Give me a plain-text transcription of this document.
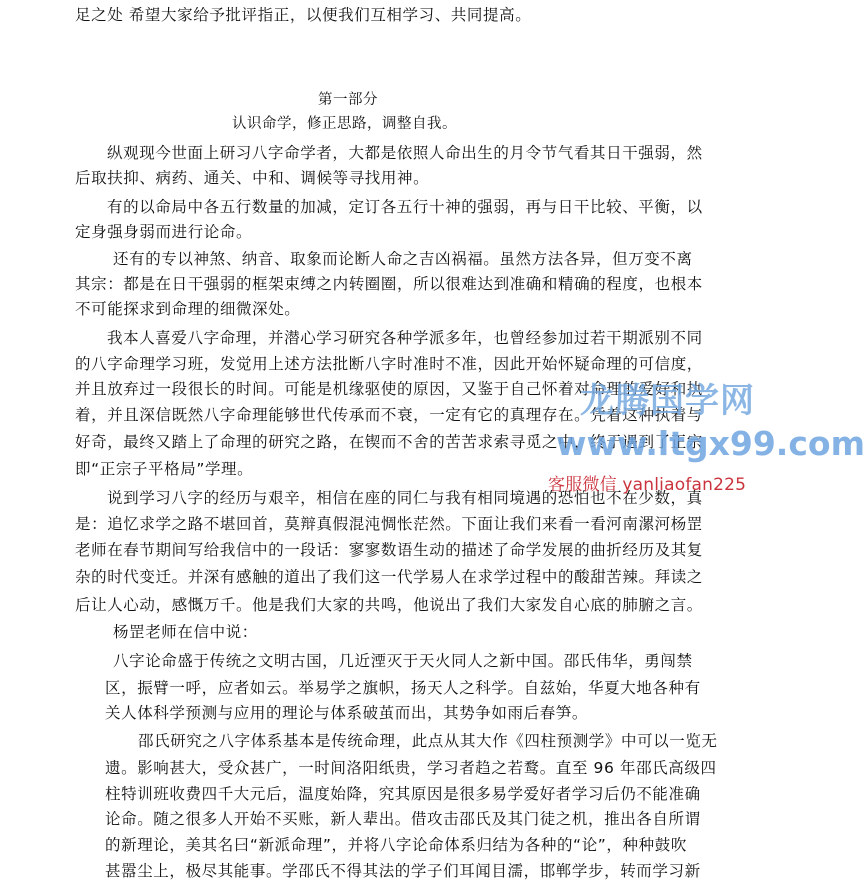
足之处 希望大家给予批评指正，以便我们互相学习、共同提高。
第一部分
认识命学，修正思路，调整自我。
纵观现今世面上研习八字命学者，大都是依照人命出生的月令节气看其日干强弱，然
后取扶抑、病药、通关、中和、调候等寻找用神。
有的以命局中各五行数量的加减，定订各五行十神的强弱，再与日干比较、平衡，以
定身强身弱而进行论命。
还有的专以神煞、纳音、取象而论断人命之吉凶祸福。虽然方法各异，但万变不离
其宗：都是在日干强弱的框架束缚之内转圈圈，所以很难达到准确和精确的程度，也根本
不可能探求到命理的细微深处。
我本人喜爱八字命理，并潜心学习研究各种学派多年，也曾经参加过若干期派别不同
的八字命理学习班，发觉用上述方法批断八字时准时不准，因此开始怀疑命理的可信度，
并且放弃过一段很长的时间。可能是机缘驱使的原因，又鉴于自己怀着对命理的爱好和执
着，并且深信既然八字命理能够世代传承而不衰，一定有它的真理存在。凭着这种执着与
好奇，最终又踏上了命理的研究之路，在锲而不舍的苦苦求索寻觅之中，终于遇到了正宗
即“正宗子平格局”学理。
说到学习八字的经历与艰辛，相信在座的同仁与我有相同境遇的恐怕也不在少数，真
是：追忆求学之路不堪回首，莫辩真假混沌惆怅茫然。下面让我们来看一看河南漯河杨罡
老师在春节期间写给我信中的一段话：寥寥数语生动的描述了命学发展的曲折经历及其复
杂的时代变迁。并深有感触的道出了我们这一代学易人在求学过程中的酸甜苦辣。拜读之
后让人心动，感慨万千。他是我们大家的共鸣，他说出了我们大家发自心底的肺腑之言。
杨罡老师在信中说：
八字论命盛于传统之文明古国，几近湮灭于天火同人之新中国。邵氏伟华，勇闯禁
区，振臂一呼，应者如云。举易学之旗帜，扬天人之科学。自兹始，华夏大地各种有
关人体科学预测与应用的理论与体系破茧而出，其势争如雨后春笋。
邵氏研究之八字体系基本是传统命理，此点从其大作《四柱预测学》中可以一览无
遗。影响甚大，受众甚广，一时间洛阳纸贵，学习者趋之若鹜。直至 96 年邵氏高级四
柱特训班收费四千大元后，温度始降，究其原因是很多易学爱好者学习后仍不能准确
论命。随之很多人开始不买账，新人辈出。借攻击邵氏及其门徒之机，推出各自所谓
的新理论，美其名曰“新派命理”，并将八字论命体系归结为各种的“论”，种种鼓吹
甚嚣尘上，极尽其能事。学邵氏不得其法的学子们耳闻目濡，邯郸学步，转而学习新
龙腾国学网
www.ltgx99.com
客服微信 yanliaofan225
